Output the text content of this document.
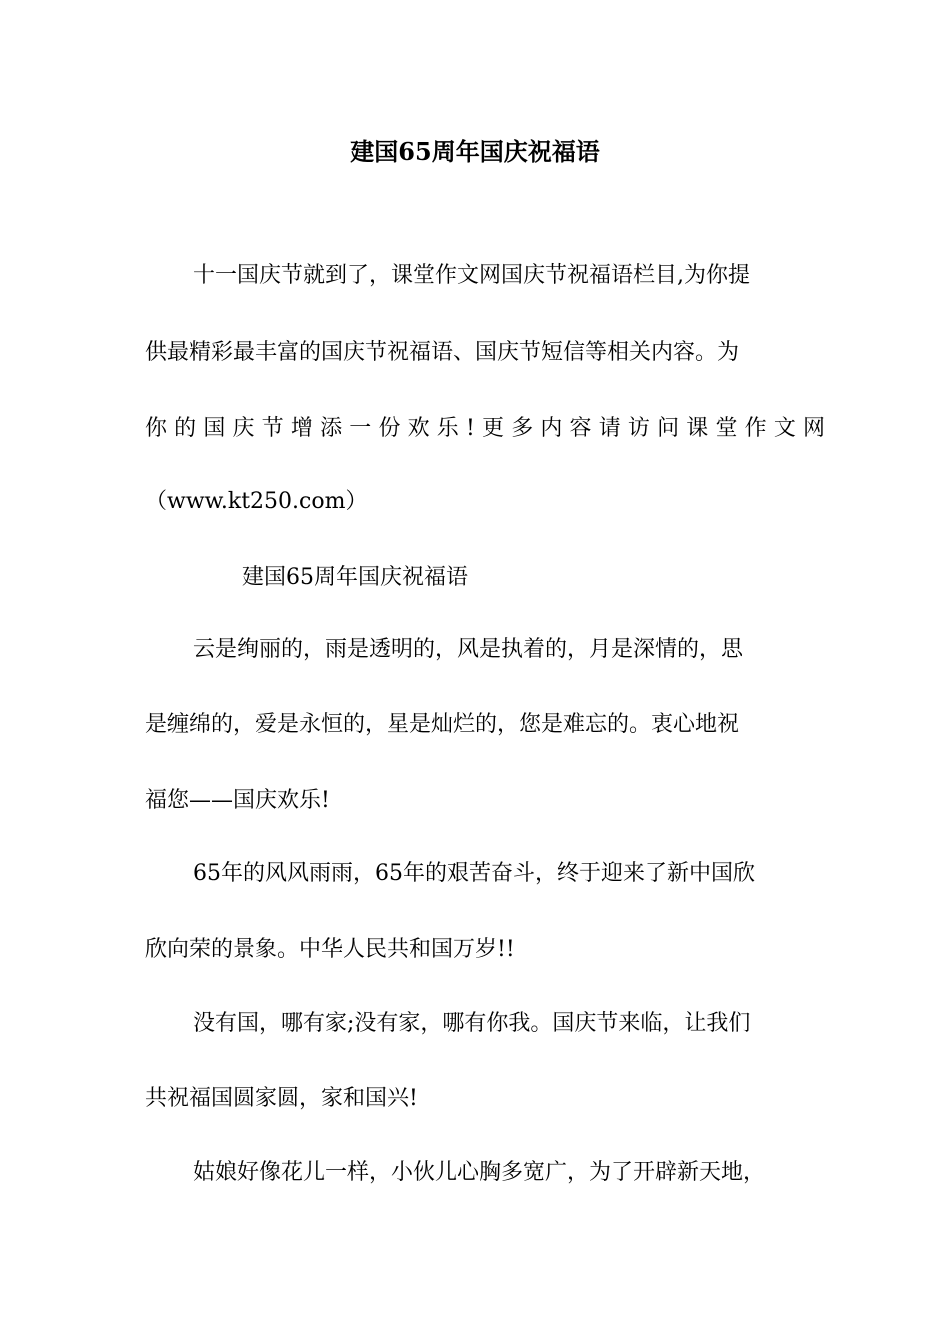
建国65周年国庆祝福语
十一国庆节就到了，课堂作文网国庆节祝福语栏目,为你提
供最精彩最丰富的国庆节祝福语、国庆节短信等相关内容。为
你的国庆节增添一份欢乐!更多内容请访问课堂作文网
（www.kt250.com）
建国65周年国庆祝福语
云是绚丽的，雨是透明的，风是执着的，月是深情的，思
是缠绵的，爱是永恒的，星是灿烂的，您是难忘的。衷心地祝
福您——国庆欢乐!
65年的风风雨雨，65年的艰苦奋斗，终于迎来了新中国欣
欣向荣的景象。中华人民共和国万岁!!
没有国，哪有家;没有家，哪有你我。国庆节来临，让我们
共祝福国圆家圆，家和国兴!
姑娘好像花儿一样，小伙儿心胸多宽广，为了开辟新天地，
